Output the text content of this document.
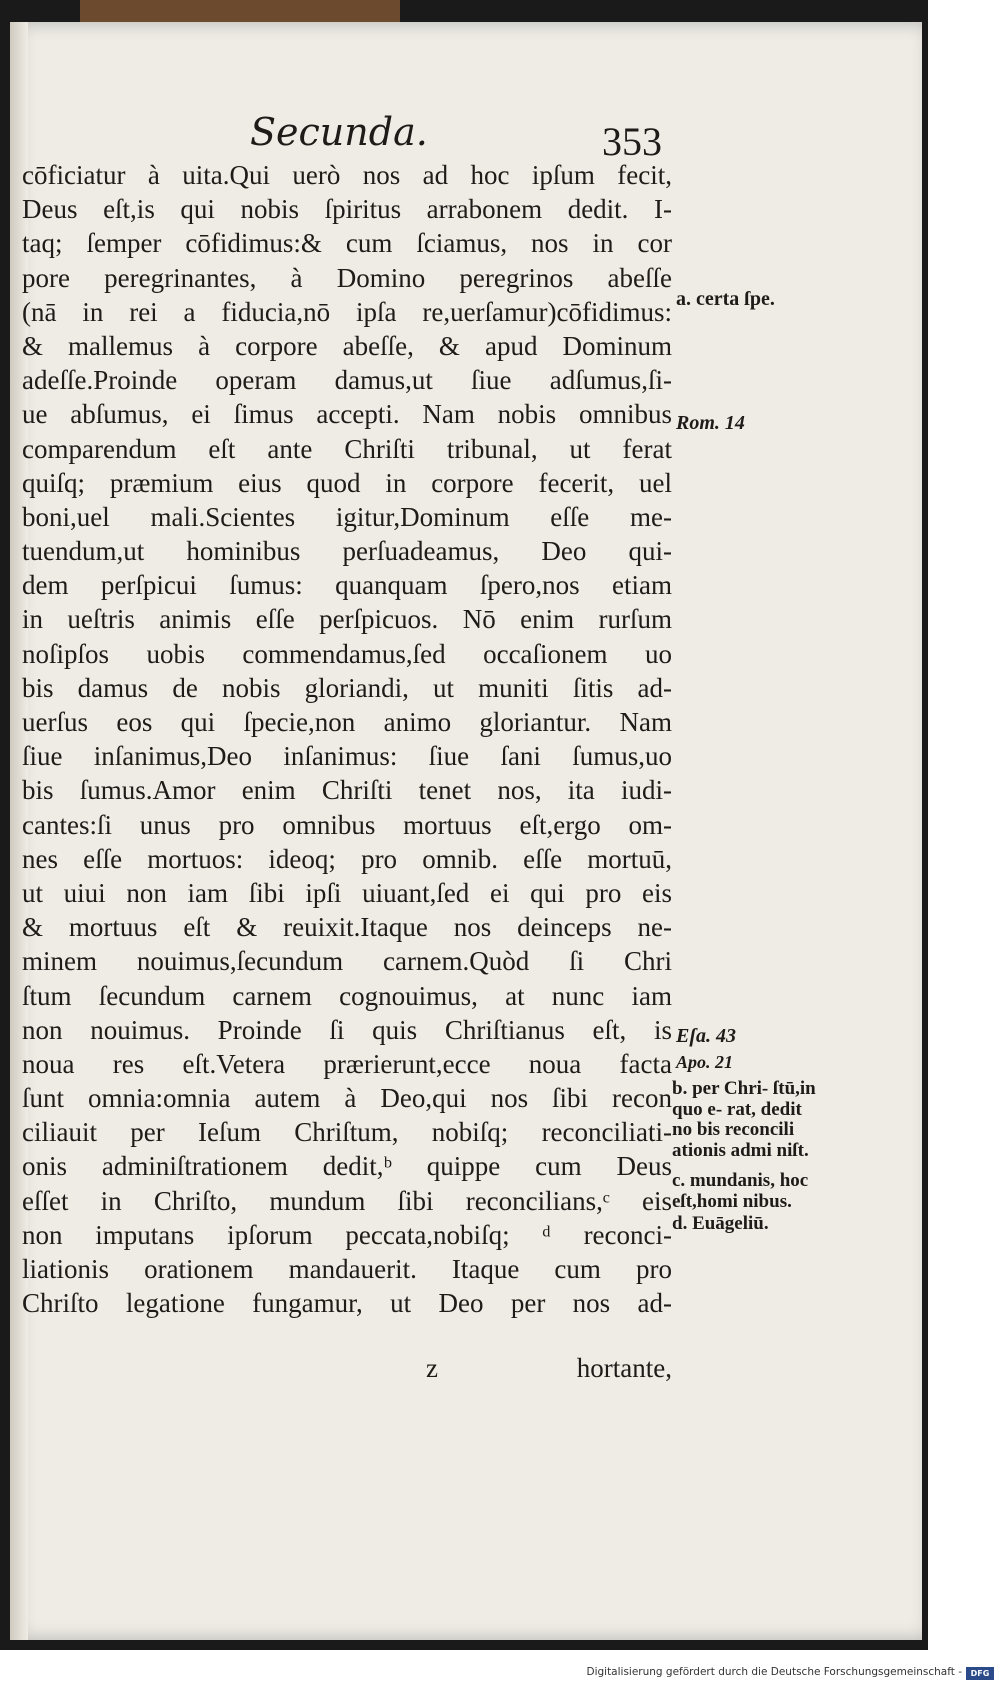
Secunda.	353
cōficiatur à uita.Qui uerò nos ad hoc ipſum fecit,
Deus eſt,is qui nobis ſpiritus arrabonem dedit. I-
taq; ſemper cōfidimus:& cum ſciamus, nos in cor
pore peregrinantes, à Domino peregrinos abeſſe
(nā in rei a fiducia,nō ipſa re,uerſamur)cōfidimus:
& mallemus à corpore abeſſe, & apud Dominum
adeſſe.Proinde operam damus,ut ſiue adſumus,ſi-
ue abſumus, ei ſimus accepti. Nam nobis omnibus
comparendum eſt ante Chriſti tribunal, ut ferat
quiſq; præmium eius quod in corpore fecerit, uel
boni,uel mali.Scientes igitur,Dominum eſſe me-
tuendum,ut hominibus perſuadeamus, Deo qui-
dem perſpicui ſumus: quanquam ſpero,nos etiam
in ueſtris animis eſſe perſpicuos. Nō enim rurſum
noſipſos uobis commendamus,ſed occaſionem uo
bis damus de nobis gloriandi, ut muniti ſitis ad-
uerſus eos qui ſpecie,non animo gloriantur. Nam
ſiue inſanimus,Deo inſanimus: ſiue ſani ſumus,uo
bis ſumus.Amor enim Chriſti tenet nos, ita iudi-
cantes:ſi unus pro omnibus mortuus eſt,ergo om-
nes eſſe mortuos: ideoq; pro omnib. eſſe mortuū,
ut uiui non iam ſibi ipſi uiuant,ſed ei qui pro eis
& mortuus eſt & reuixit.Itaque nos deinceps ne-
minem nouimus,ſecundum carnem.Quòd ſi Chri
ſtum ſecundum carnem cognouimus, at nunc iam
non nouimus. Proinde ſi quis Chriſtianus eſt, is
noua res eſt.Vetera prærierunt,ecce noua facta
ſunt omnia:omnia autem à Deo,qui nos ſibi recon
ciliauit per Ieſum Chriſtum, nobiſq; reconciliati-
onis adminiſtrationem dedit,ᵇ quippe cum Deus
eſſet in Chriſto, mundum ſibi reconcilians,ᶜ eis
non imputans ipſorum peccata,nobiſq; ᵈ reconci-
liationis orationem mandauerit. Itaque cum pro
Chriſto legatione fungamur, ut Deo per nos ad-
z	hortante,
a. certa ſpe.
Rom. 14
Eſa. 43
Apo. 21
b. per Chri- ſtū,in quo e- rat, dedit no bis reconcili ationis admi niſt.
c. mundanis, hoc eſt,homi nibus.
d. Euāgeliū.
Digitalisierung gefördert durch die Deutsche Forschungsgemeinschaft -	DFG
